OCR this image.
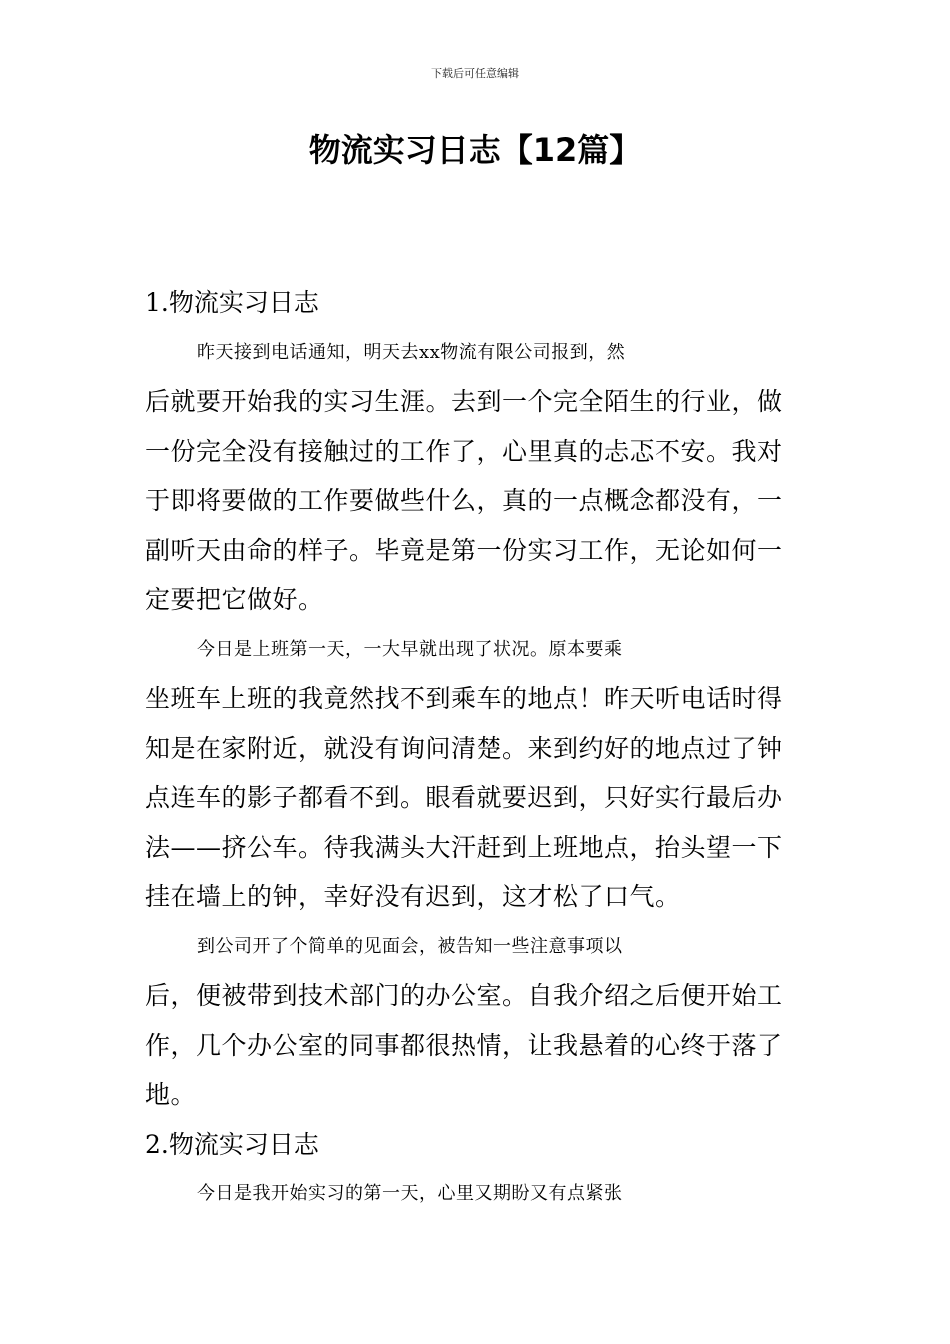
下载后可任意编辑
物流实习日志【12篇】

1.物流实习日志

昨天接到电话通知，明天去xx物流有限公司报到，然
后就要开始我的实习生涯。去到一个完全陌生的行业，做
一份完全没有接触过的工作了，心里真的忐忑不安。我对
于即将要做的工作要做些什么，真的一点概念都没有，一
副听天由命的样子。毕竟是第一份实习工作，无论如何一
定要把它做好。

今日是上班第一天，一大早就出现了状况。原本要乘
坐班车上班的我竟然找不到乘车的地点！昨天听电话时得
知是在家附近，就没有询问清楚。来到约好的地点过了钟
点连车的影子都看不到。眼看就要迟到，只好实行最后办
法——挤公车。待我满头大汗赶到上班地点，抬头望一下
挂在墙上的钟，幸好没有迟到，这才松了口气。

到公司开了个简单的见面会，被告知一些注意事项以
后，便被带到技术部门的办公室。自我介绍之后便开始工
作，几个办公室的同事都很热情，让我悬着的心终于落了
地。

2.物流实习日志

今日是我开始实习的第一天，心里又期盼又有点紧张
